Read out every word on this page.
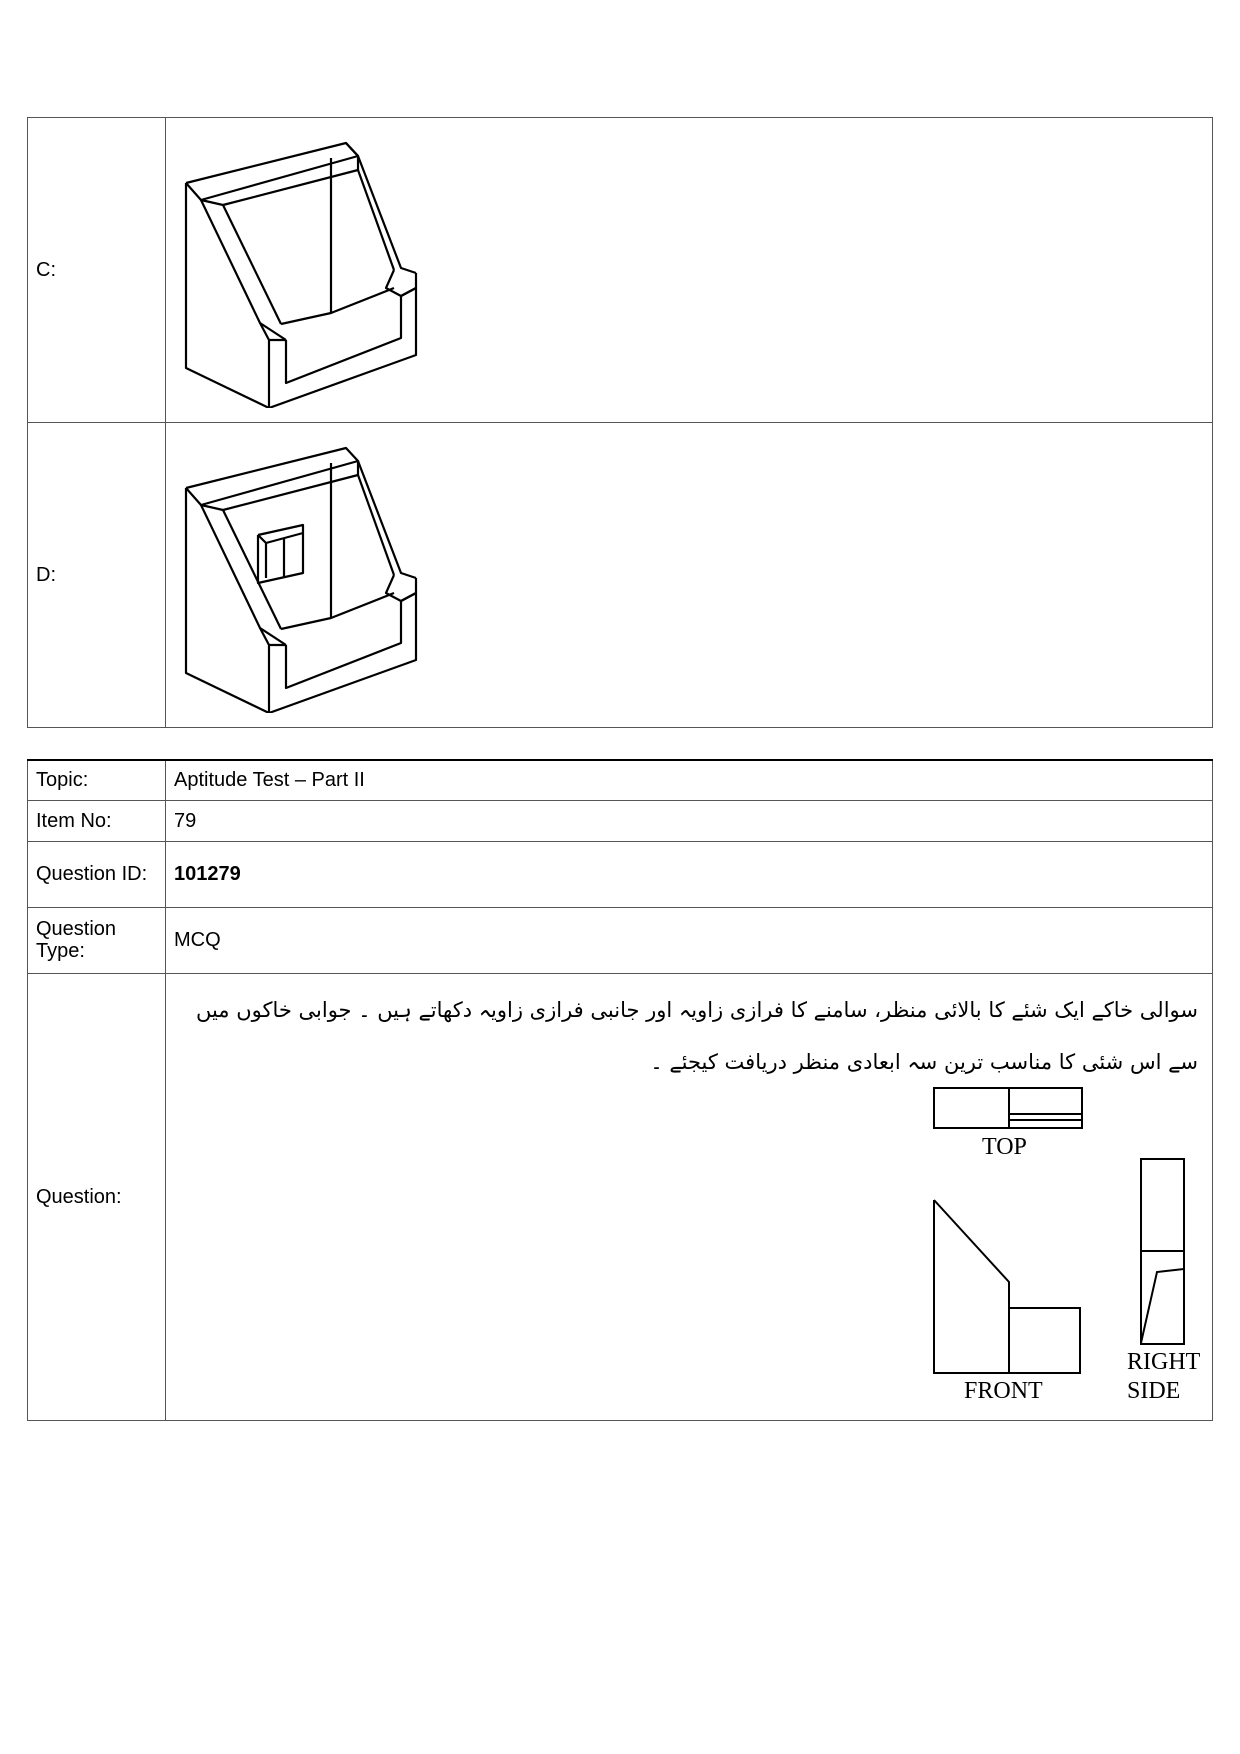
C:	
D:	
Topic:	Aptitude Test – Part II
Item No:	79
Question ID:	101279
Question Type:	MCQ
Question:	سوالی خاکے ایک شئے کا بالائی منظر، سامنے کا فرازی زاویہ اور جانبی فرازی زاویہ دکھاتے ہیں ۔ جوابی خاکوں میں سے اس شئی کا مناسب ترین سہ ابعادی منظر دریافت کیجئے ۔
TOP
FRONT
RIGHT
SIDE
